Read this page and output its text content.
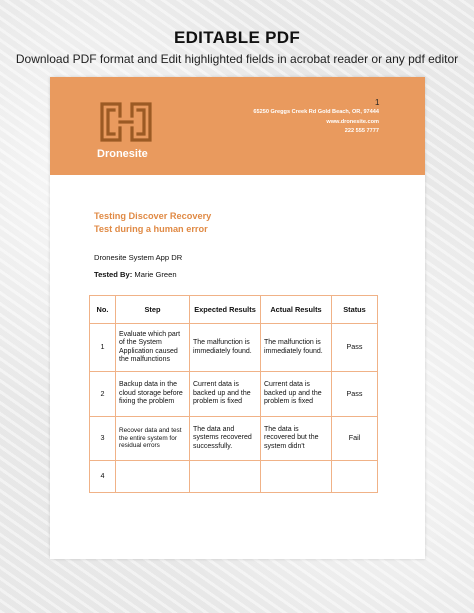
EDITABLE PDF
Download PDF format and Edit highlighted fields in acrobat reader or any pdf editor
1
Dronesite
65250 Greggs Creek Rd Gold Beach, OR, 97444
www.dronesite.com
222 555 7777
Testing Discover Recovery
Test during a human error
Dronesite System App DR
Tested By: Marie Green
No.	Step	Expected Results	Actual Results	Status
1	Evaluate which part of the System Application caused the malfunctions	The malfunction is immediately found.	The malfunction is immediately found.	Pass
2	Backup data in the cloud storage before fixing the problem	Current data is backed up and the problem is fixed	Current data is backed up and the problem is fixed	Pass
3	Recover data and test the entire system for residual errors	The data and systems recovered successfully.	The data is recovered but the system didn't	Fail
4				
